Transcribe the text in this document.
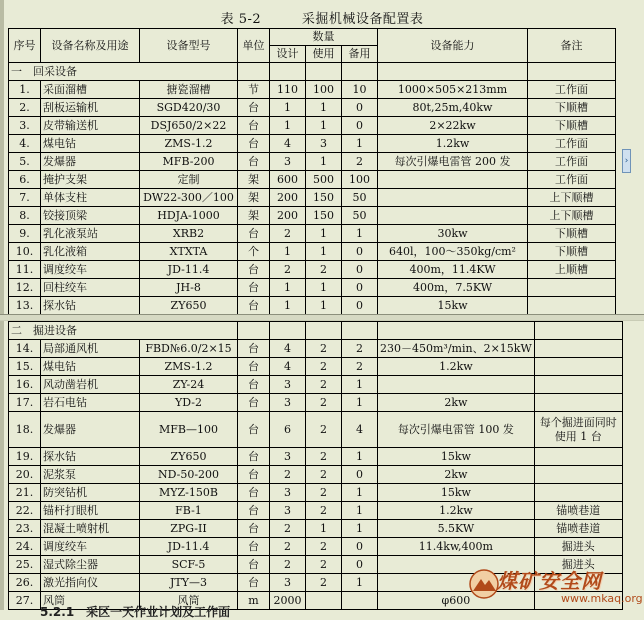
表 5-2	采掘机械设备配置表
序号	设备名称及用途	设备型号	单位	数量			设备能力	备注
				设计	使用	备用		
一　回采设备								
1.	采面溜槽	搪瓷溜槽	节	110	100	10	1000×505×213mm	工作面
2.	刮板运输机	SGD420/30	台	1	1	0	80t,25m,40kw	下顺槽
3.	皮带输送机	DSJ650/2×22	台	1	1	0	2×22kw	下顺槽
4.	煤电钻	ZMS-1.2	台	4	3	1	1.2kw	工作面
5.	发爆器	MFB-200	台	3	1	2	每次引爆电雷管 200 发	工作面
6.	掩护支架	定制	架	600	500	100		工作面
7.	单体支柱	DW22-300／100	架	200	150	50		上下顺槽
8.	铰接顶梁	HDJA-1000	架	200	150	50		上下顺槽
9.	乳化液泵站	XRB2	台	2	1	1	30kw	下顺槽
10.	乳化液箱	XTXTA	个	1	1	0	640l，100～350kg/cm²	下顺槽
11.	调度绞车	JD-11.4	台	2	2	0	400m，11.4KW	上顺槽
12.	回柱绞车	JH-8	台	1	1	0	400m，7.5KW	
13.	探水钻	ZY650	台	1	1	0	15kw	
二　掘进设备								
14.	局部通风机	FBD№6.0/2×15	台	4	2	2	230－450m³/min、2×15kW	
15.	煤电钻	ZMS-1.2	台	4	2	2	1.2kw	
16.	风动凿岩机	ZY-24	台	3	2	1		
17.	岩石电钻	YD-2	台	3	2	1	2kw	
18.	发爆器	MFB—100	台	6	2	4	每次引爆电雷管 100 发	每个掘进面同时使用 1 台
19.	探水钻	ZY650	台	3	2	1	15kw	
20.	泥浆泵	ND-50-200	台	2	2	0	2kw	
21.	防突钻机	MYZ-150B	台	3	2	1	15kw	
22.	锚杆打眼机	FB-1	台	3	2	1	1.2kw	锚喷巷道
23.	混凝土喷射机	ZPG-II	台	2	1	1	5.5KW	锚喷巷道
24.	调度绞车	JD-11.4	台	2	2	0	11.4kw,400m	掘进头
25.	湿式除尘器	SCF-5	台	2	2	0		掘进头
26.	激光指向仪	JTY—3	台	3	2	1		
27.	风筒	风筒	m	2000			φ600	
›
煤矿安全网
www.mkaq.org
5.2.1　采区一天作业计划及工作面
